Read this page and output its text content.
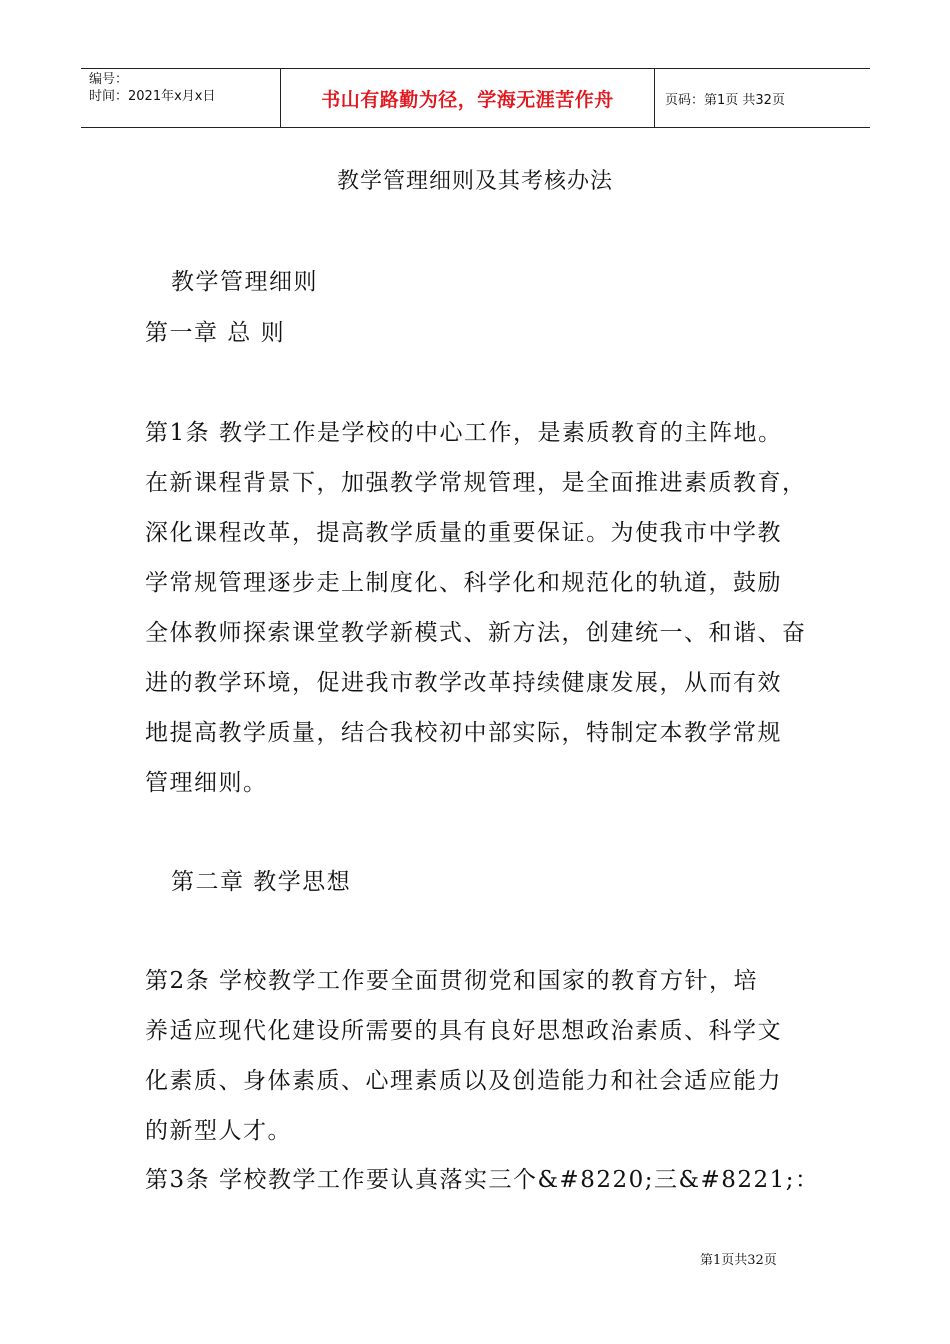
编号：
时间：2021年x月x日	书山有路勤为径，学海无涯苦作舟	页码：第1页 共32页
教学管理细则及其考核办法
教学管理细则
第一章 总 则
第1条 教学工作是学校的中心工作，是素质教育的主阵地。
在新课程背景下，加强教学常规管理，是全面推进素质教育，
深化课程改革，提高教学质量的重要保证。为使我市中学教
学常规管理逐步走上制度化、科学化和规范化的轨道，鼓励
全体教师探索课堂教学新模式、新方法，创建统一、和谐、奋
进的教学环境，促进我市教学改革持续健康发展，从而有效
地提高教学质量，结合我校初中部实际，特制定本教学常规
管理细则。
第二章 教学思想
第2条 学校教学工作要全面贯彻党和国家的教育方针，培
养适应现代化建设所需要的具有良好思想政治素质、科学文
化素质、身体素质、心理素质以及创造能力和社会适应能力
的新型人才。
第3条 学校教学工作要认真落实三个&#8220;三&#8221;：
第1页共32页
